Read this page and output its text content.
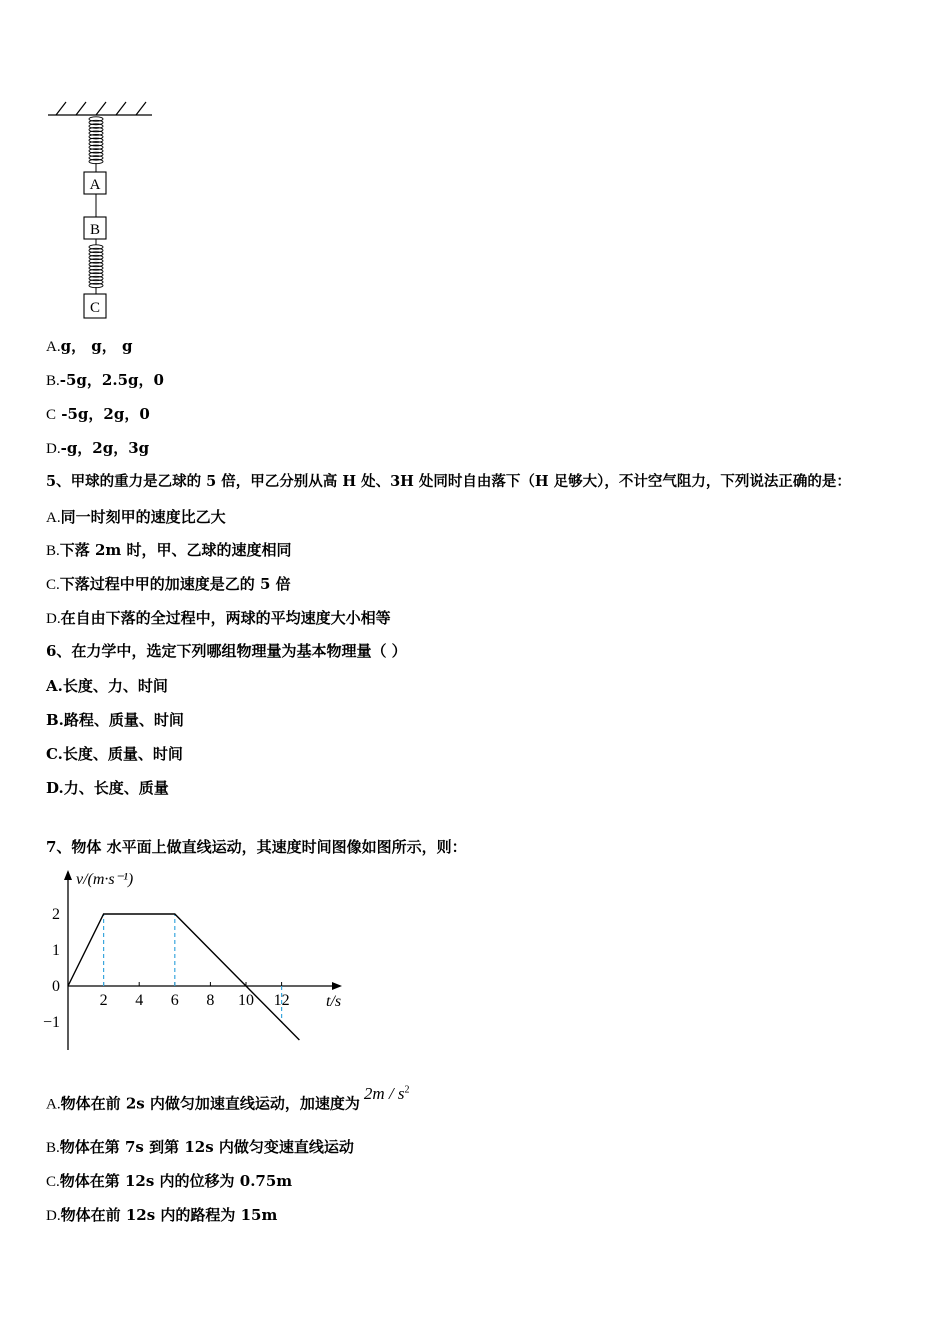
A
B
C
A.g， g， g
B.-5g，2.5g，0
C -5g，2g，0
D.-g，2g，3g
5、甲球的重力是乙球的 5 倍，甲乙分别从高 H 处、3H 处同时自由落下（H 足够大），不计空气阻力，下列说法正确的是：
A.同一时刻甲的速度比乙大
B.下落 2m 时，甲、乙球的速度相同
C.下落过程中甲的加速度是乙的 5 倍
D.在自由下落的全过程中，两球的平均速度大小相等
6、在力学中，选定下列哪组物理量为基本物理量（ ）
A.长度、力、时间
B.路程、质量、时间
C.长度、质量、时间
D.力、长度、质量
7、物体 水平面上做直线运动，其速度时间图像如图所示，则：
v/(m·s⁻¹)
t/s
2 4 6 8 10 12
2
1
0
−1
A.物体在前 2s 内做匀加速直线运动，加速度为$2m / s^2$
B.物体在第 7s 到第 12s 内做匀变速直线运动
C.物体在第 12s 内的位移为 0.75m
D.物体在前 12s 内的路程为 15m
